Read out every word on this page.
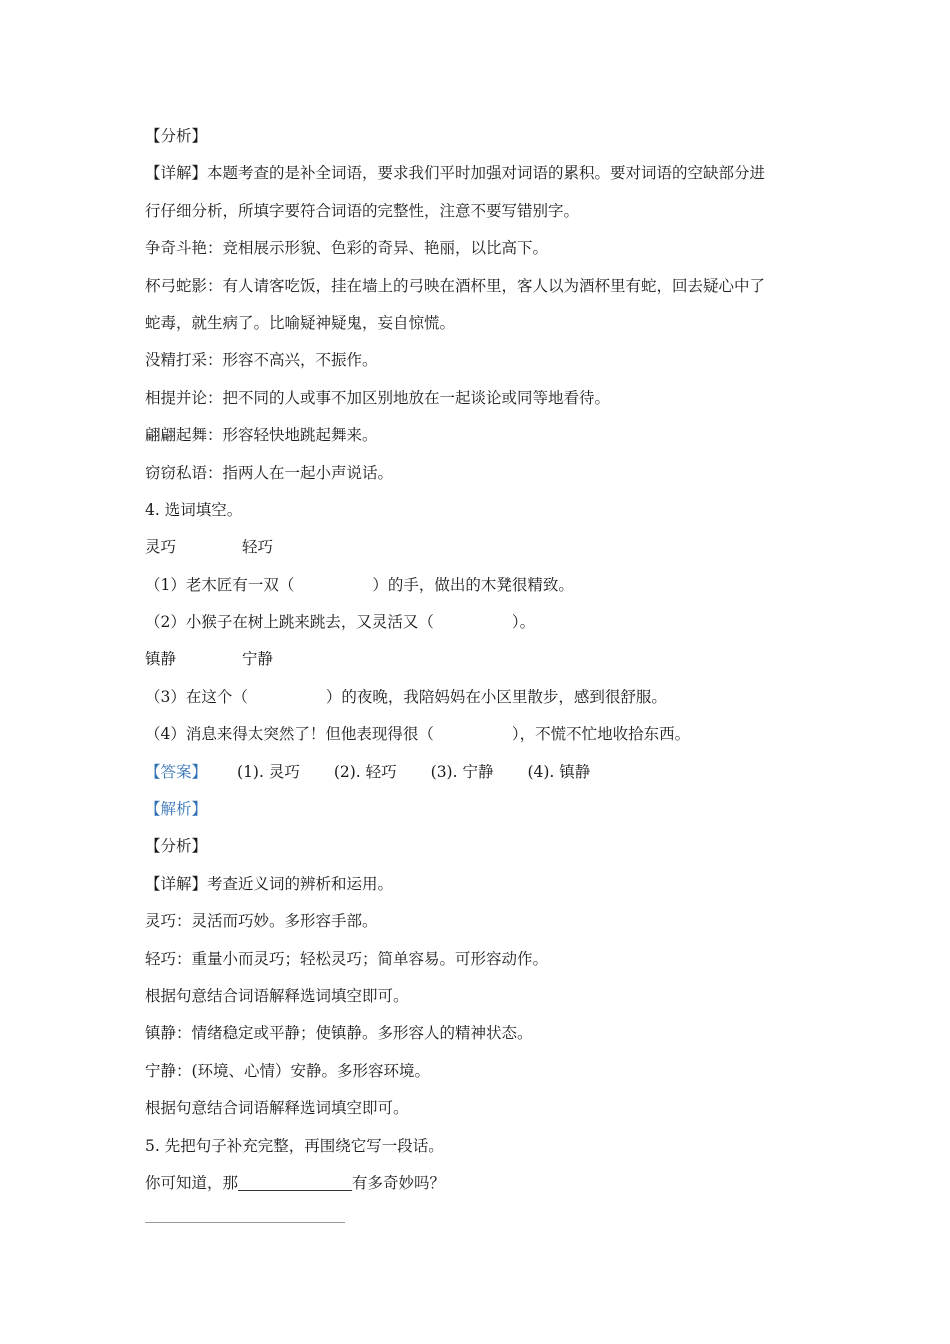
【分析】
【详解】本题考查的是补全词语，要求我们平时加强对词语的累积。要对词语的空缺部分进
行仔细分析，所填字要符合词语的完整性，注意不要写错别字。
争奇斗艳：竞相展示形貌、色彩的奇异、艳丽，以比高下。
杯弓蛇影：有人请客吃饭，挂在墙上的弓映在酒杯里，客人以为酒杯里有蛇，回去疑心中了
蛇毒，就生病了。比喻疑神疑鬼，妄自惊慌。
没精打采：形容不高兴，不振作。
相提并论：把不同的人或事不加区别地放在一起谈论或同等地看待。
翩翩起舞：形容轻快地跳起舞来。
窃窃私语：指两人在一起小声说话。
4. 选词填空。
灵巧	轻巧
（1）老木匠有一双（	）的手，做出的木凳很精致。
（2）小猴子在树上跳来跳去，又灵活又（	）。
镇静	宁静
（3）在这个（	）的夜晚，我陪妈妈在小区里散步，感到很舒服。
（4）消息来得太突然了！但他表现得很（	），不慌不忙地收拾东西。
【答案】 (1). 灵巧 (2). 轻巧 (3). 宁静 (4). 镇静
【解析】
【分析】
【详解】考查近义词的辨析和运用。
灵巧：灵活而巧妙。多形容手部。
轻巧：重量小而灵巧；轻松灵巧；简单容易。可形容动作。
根据句意结合词语解释选词填空即可。
镇静：情绪稳定或平静；使镇静。多形容人的精神状态。
宁静：(环境、心情）安静。多形容环境。
根据句意结合词语解释选词填空即可。
5. 先把句子补充完整，再围绕它写一段话。
你可知道，那	有多奇妙吗？
